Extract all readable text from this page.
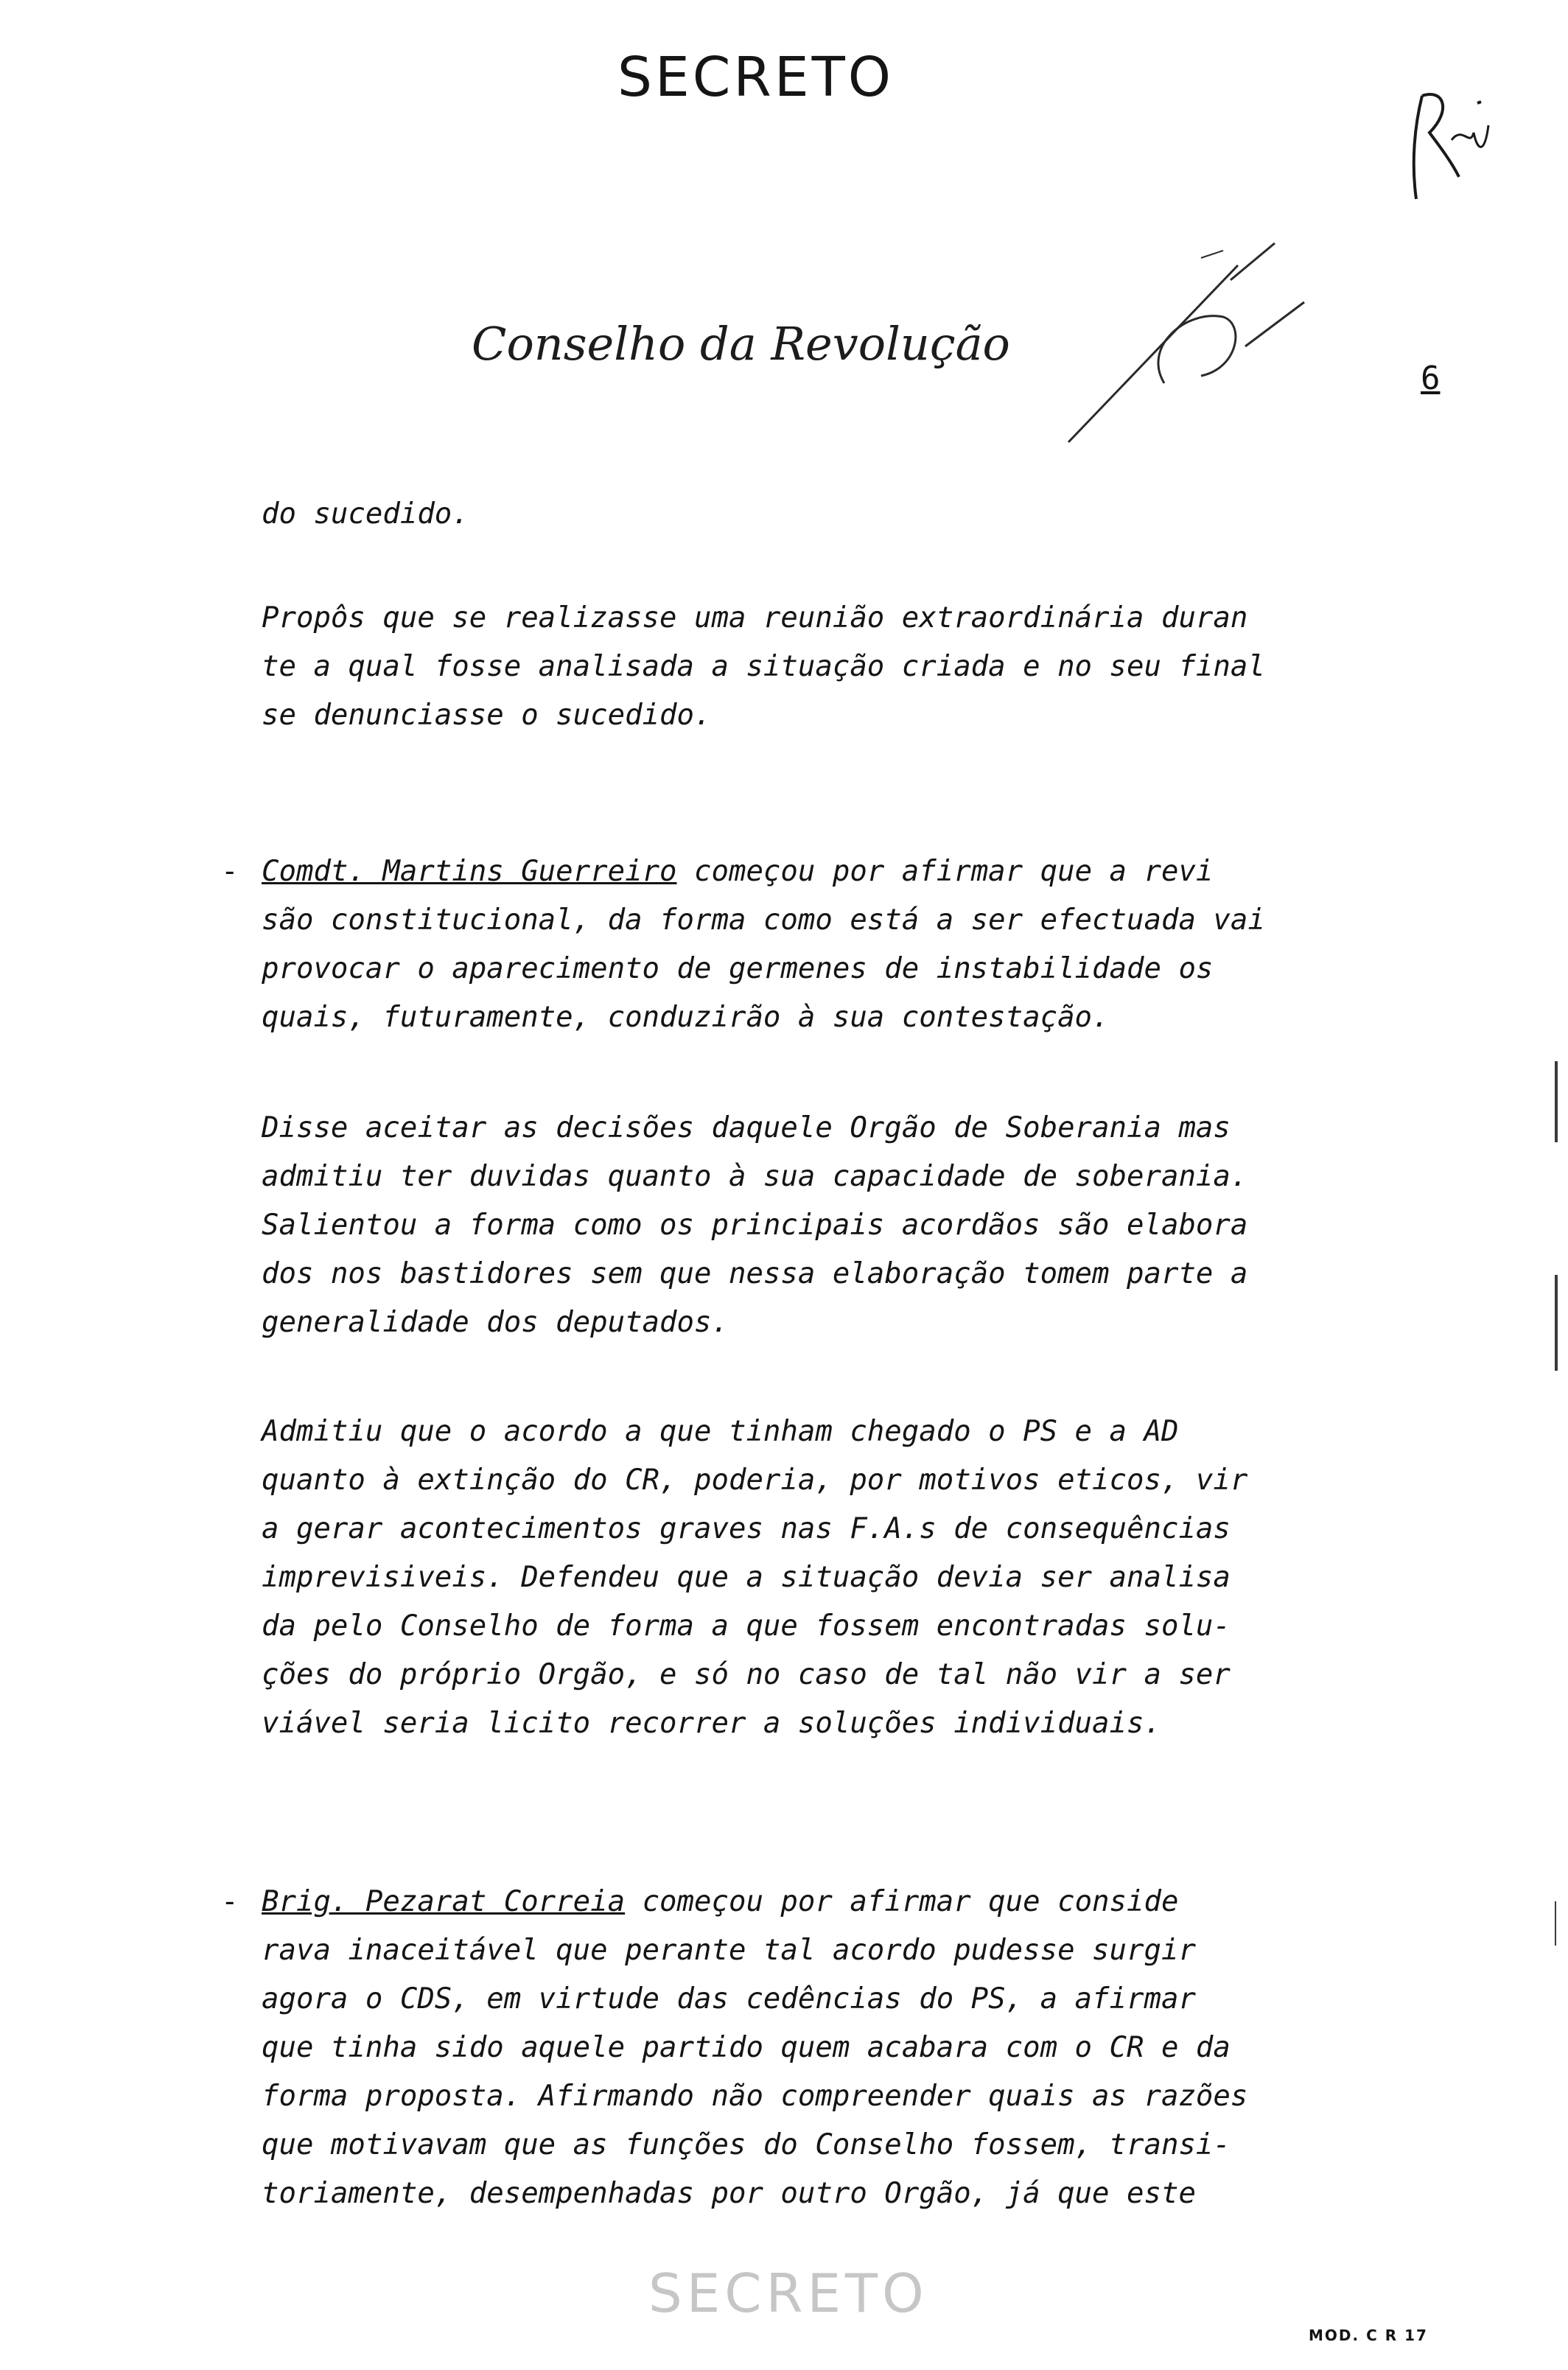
SECRETO
Conselho da Revolução
6
do sucedido.
Propôs que se realizasse uma reunião extraordinária duran
te a qual fosse analisada a situação criada e no seu final
se denunciasse o sucedido.
- Comdt. Martins Guerreiro começou por afirmar que a revi
são constitucional, da forma como está a ser efectuada vai
provocar o aparecimento de germenes de instabilidade os
quais, futuramente, conduzirão à sua contestação.
Disse aceitar as decisões daquele Orgão de Soberania mas
admitiu ter duvidas quanto à sua capacidade de soberania.
Salientou a forma como os principais acordãos são elabora
dos nos bastidores sem que nessa elaboração tomem parte a
generalidade dos deputados.
Admitiu que o acordo a que tinham chegado o PS e a AD
quanto à extinção do CR, poderia, por motivos eticos, vir
a gerar acontecimentos graves nas F.A.s de consequências
imprevisiveis. Defendeu que a situação devia ser analisa
da pelo Conselho de forma a que fossem encontradas solu-
ções do próprio Orgão, e só no caso de tal não vir a ser
viável seria licito recorrer a soluções individuais.
- Brig. Pezarat Correia começou por afirmar que conside
rava inaceitável que perante tal acordo pudesse surgir
agora o CDS, em virtude das cedências do PS, a afirmar
que tinha sido aquele partido quem acabara com o CR e da
forma proposta. Afirmando não compreender quais as razões
que motivavam que as funções do Conselho fossem, transi-
toriamente, desempenhadas por outro Orgão, já que este
SECRETO
MOD. C R 17
